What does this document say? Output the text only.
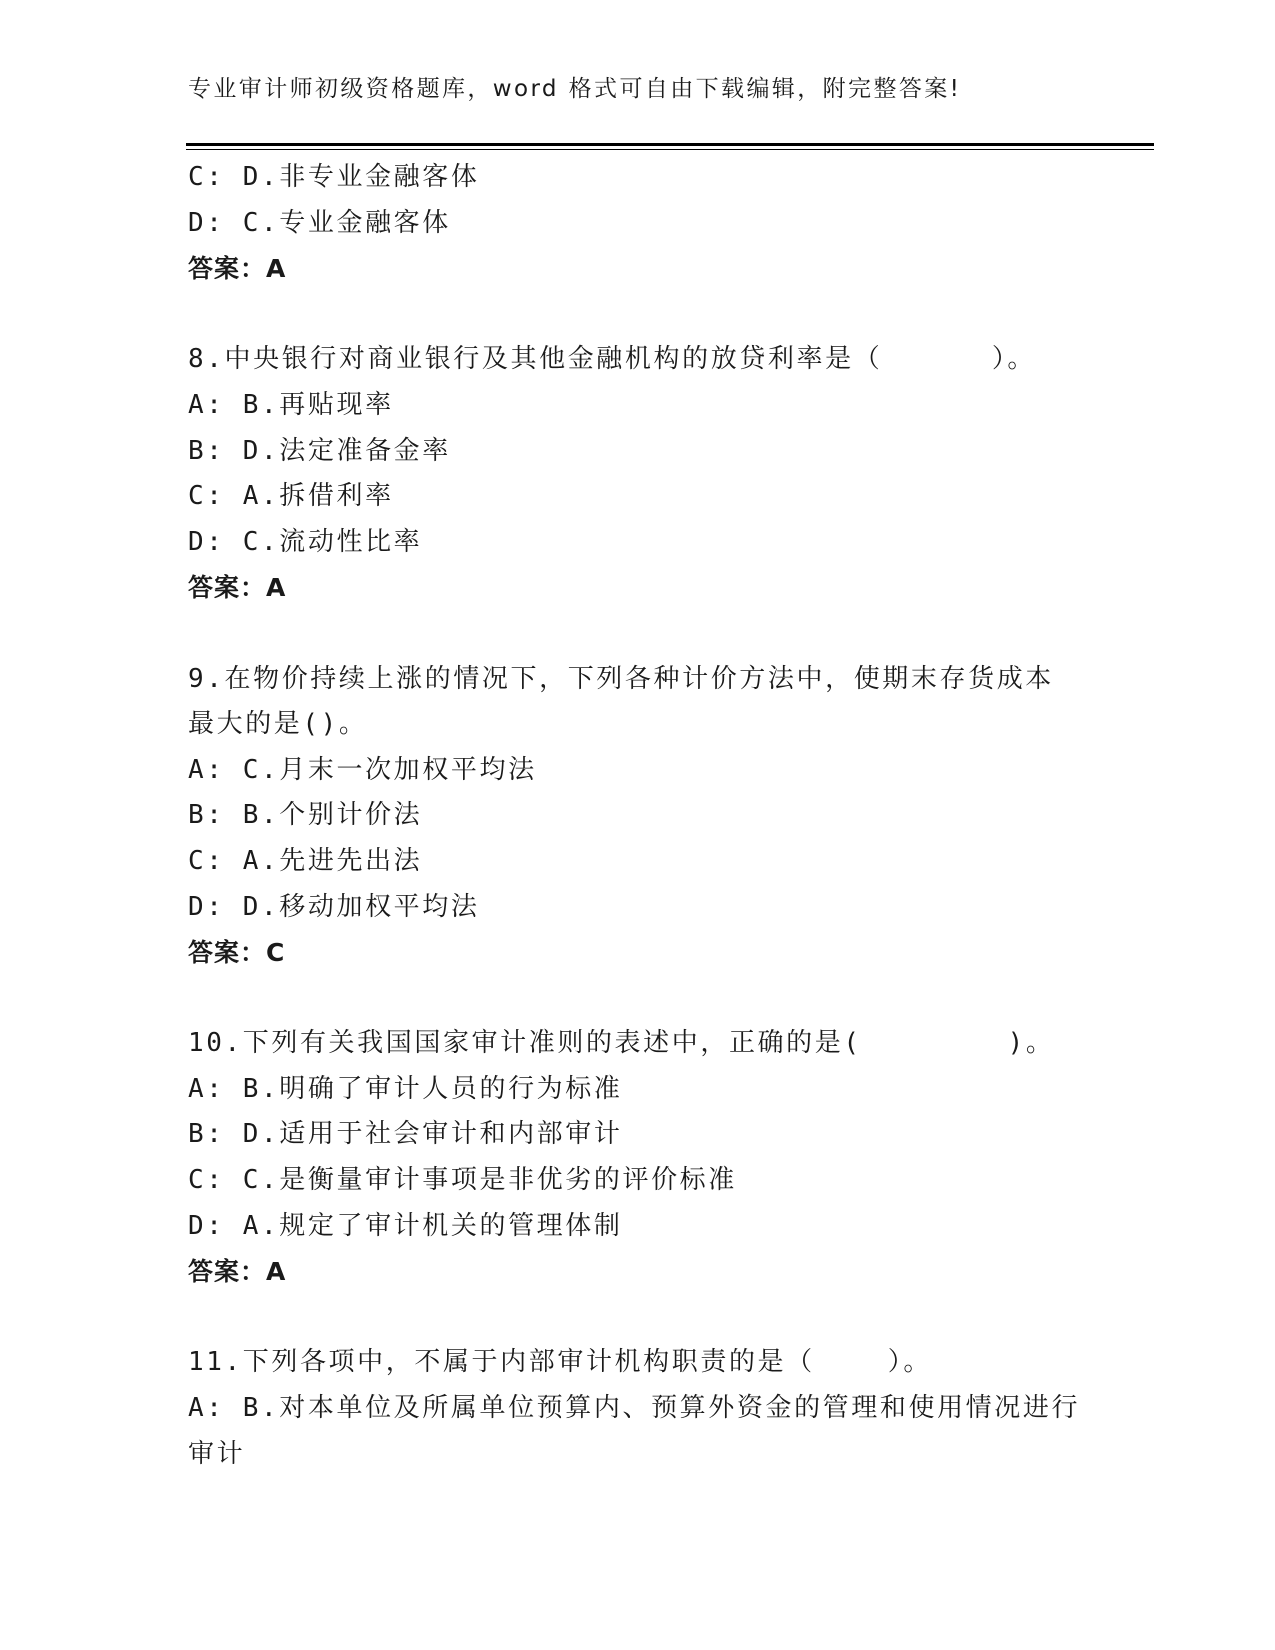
专业审计师初级资格题库，word 格式可自由下载编辑，附完整答案!
C: D.非专业金融客体
D: C.专业金融客体
答案：A
8.中央银行对商业银行及其他金融机构的放贷利率是（      ）。
A: B.再贴现率
B: D.法定准备金率
C: A.拆借利率
D: C.流动性比率
答案：A
9.在物价持续上涨的情况下，下列各种计价方法中，使期末存货成本
最大的是()。
A: C.月末一次加权平均法
B: B.个别计价法
C: A.先进先出法
D: D.移动加权平均法
答案：C
10.下列有关我国国家审计准则的表述中，正确的是(        )。
A: B.明确了审计人员的行为标准
B: D.适用于社会审计和内部审计
C: C.是衡量审计事项是非优劣的评价标准
D: A.规定了审计机关的管理体制
答案：A
11.下列各项中，不属于内部审计机构职责的是（    ）。
A: B.对本单位及所属单位预算内、预算外资金的管理和使用情况进行
审计
